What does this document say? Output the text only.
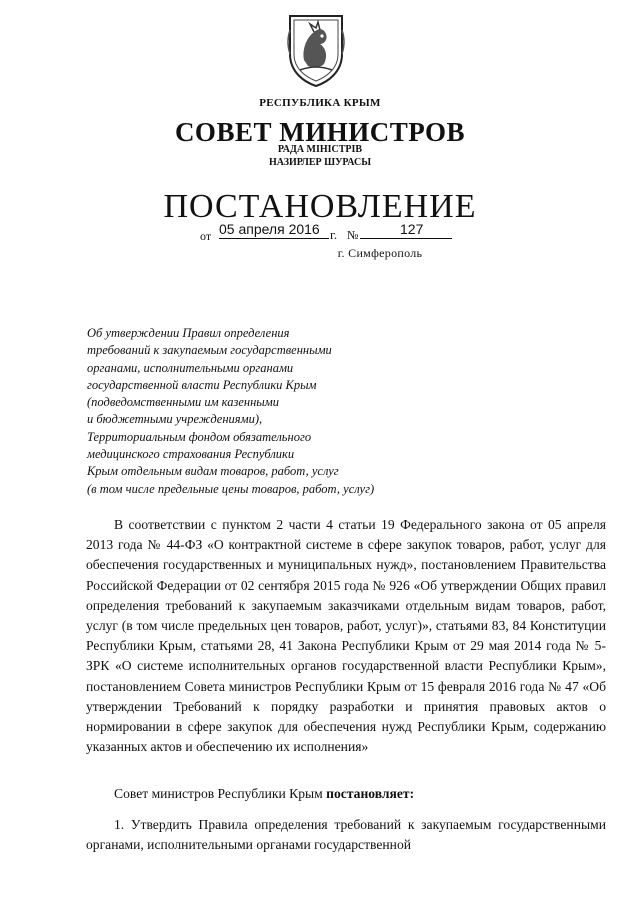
РЕСПУБЛИКА КРЫМ
СОВЕТ МИНИСТРОВ
РАДА МІНІСТРІВ
НАЗИРЛЕР ШУРАСЫ
ПОСТАНОВЛЕНИЕ
от 05 апреля 2016 г. №	127
г. Симферополь
Об утверждении Правил определения
требований к закупаемым государственными
органами, исполнительными органами
государственной власти Республики Крым
(подведомственными им казенными
и бюджетными учреждениями),
Территориальным фондом обязательного
медицинского страхования Республики
Крым отдельным видам товаров, работ, услуг
(в том числе предельные цены товаров, работ, услуг)
В соответствии с пунктом 2 части 4 статьи 19 Федерального закона от 05 апреля 2013 года № 44-ФЗ «О контрактной системе в сфере закупок товаров, работ, услуг для обеспечения государственных и муниципальных нужд», постановлением Правительства Российской Федерации от 02 сентября 2015 года № 926 «Об утверждении Общих правил определения требований к закупаемым заказчиками отдельным видам товаров, работ, услуг (в том числе предельных цен товаров, работ, услуг)», статьями 83, 84 Конституции Республики Крым, статьями 28, 41 Закона Республики Крым от 29 мая 2014 года № 5-ЗРК «О системе исполнительных органов государственной власти Республики Крым», постановлением Совета министров Республики Крым от 15 февраля 2016 года № 47 «Об утверждении Требований к порядку разработки и принятия правовых актов о нормировании в сфере закупок для обеспечения нужд Республики Крым, содержанию указанных актов и обеспечению их исполнения»
Совет министров Республики Крым постановляет:
1. Утвердить Правила определения требований к закупаемым государственными органами, исполнительными органами государственной
